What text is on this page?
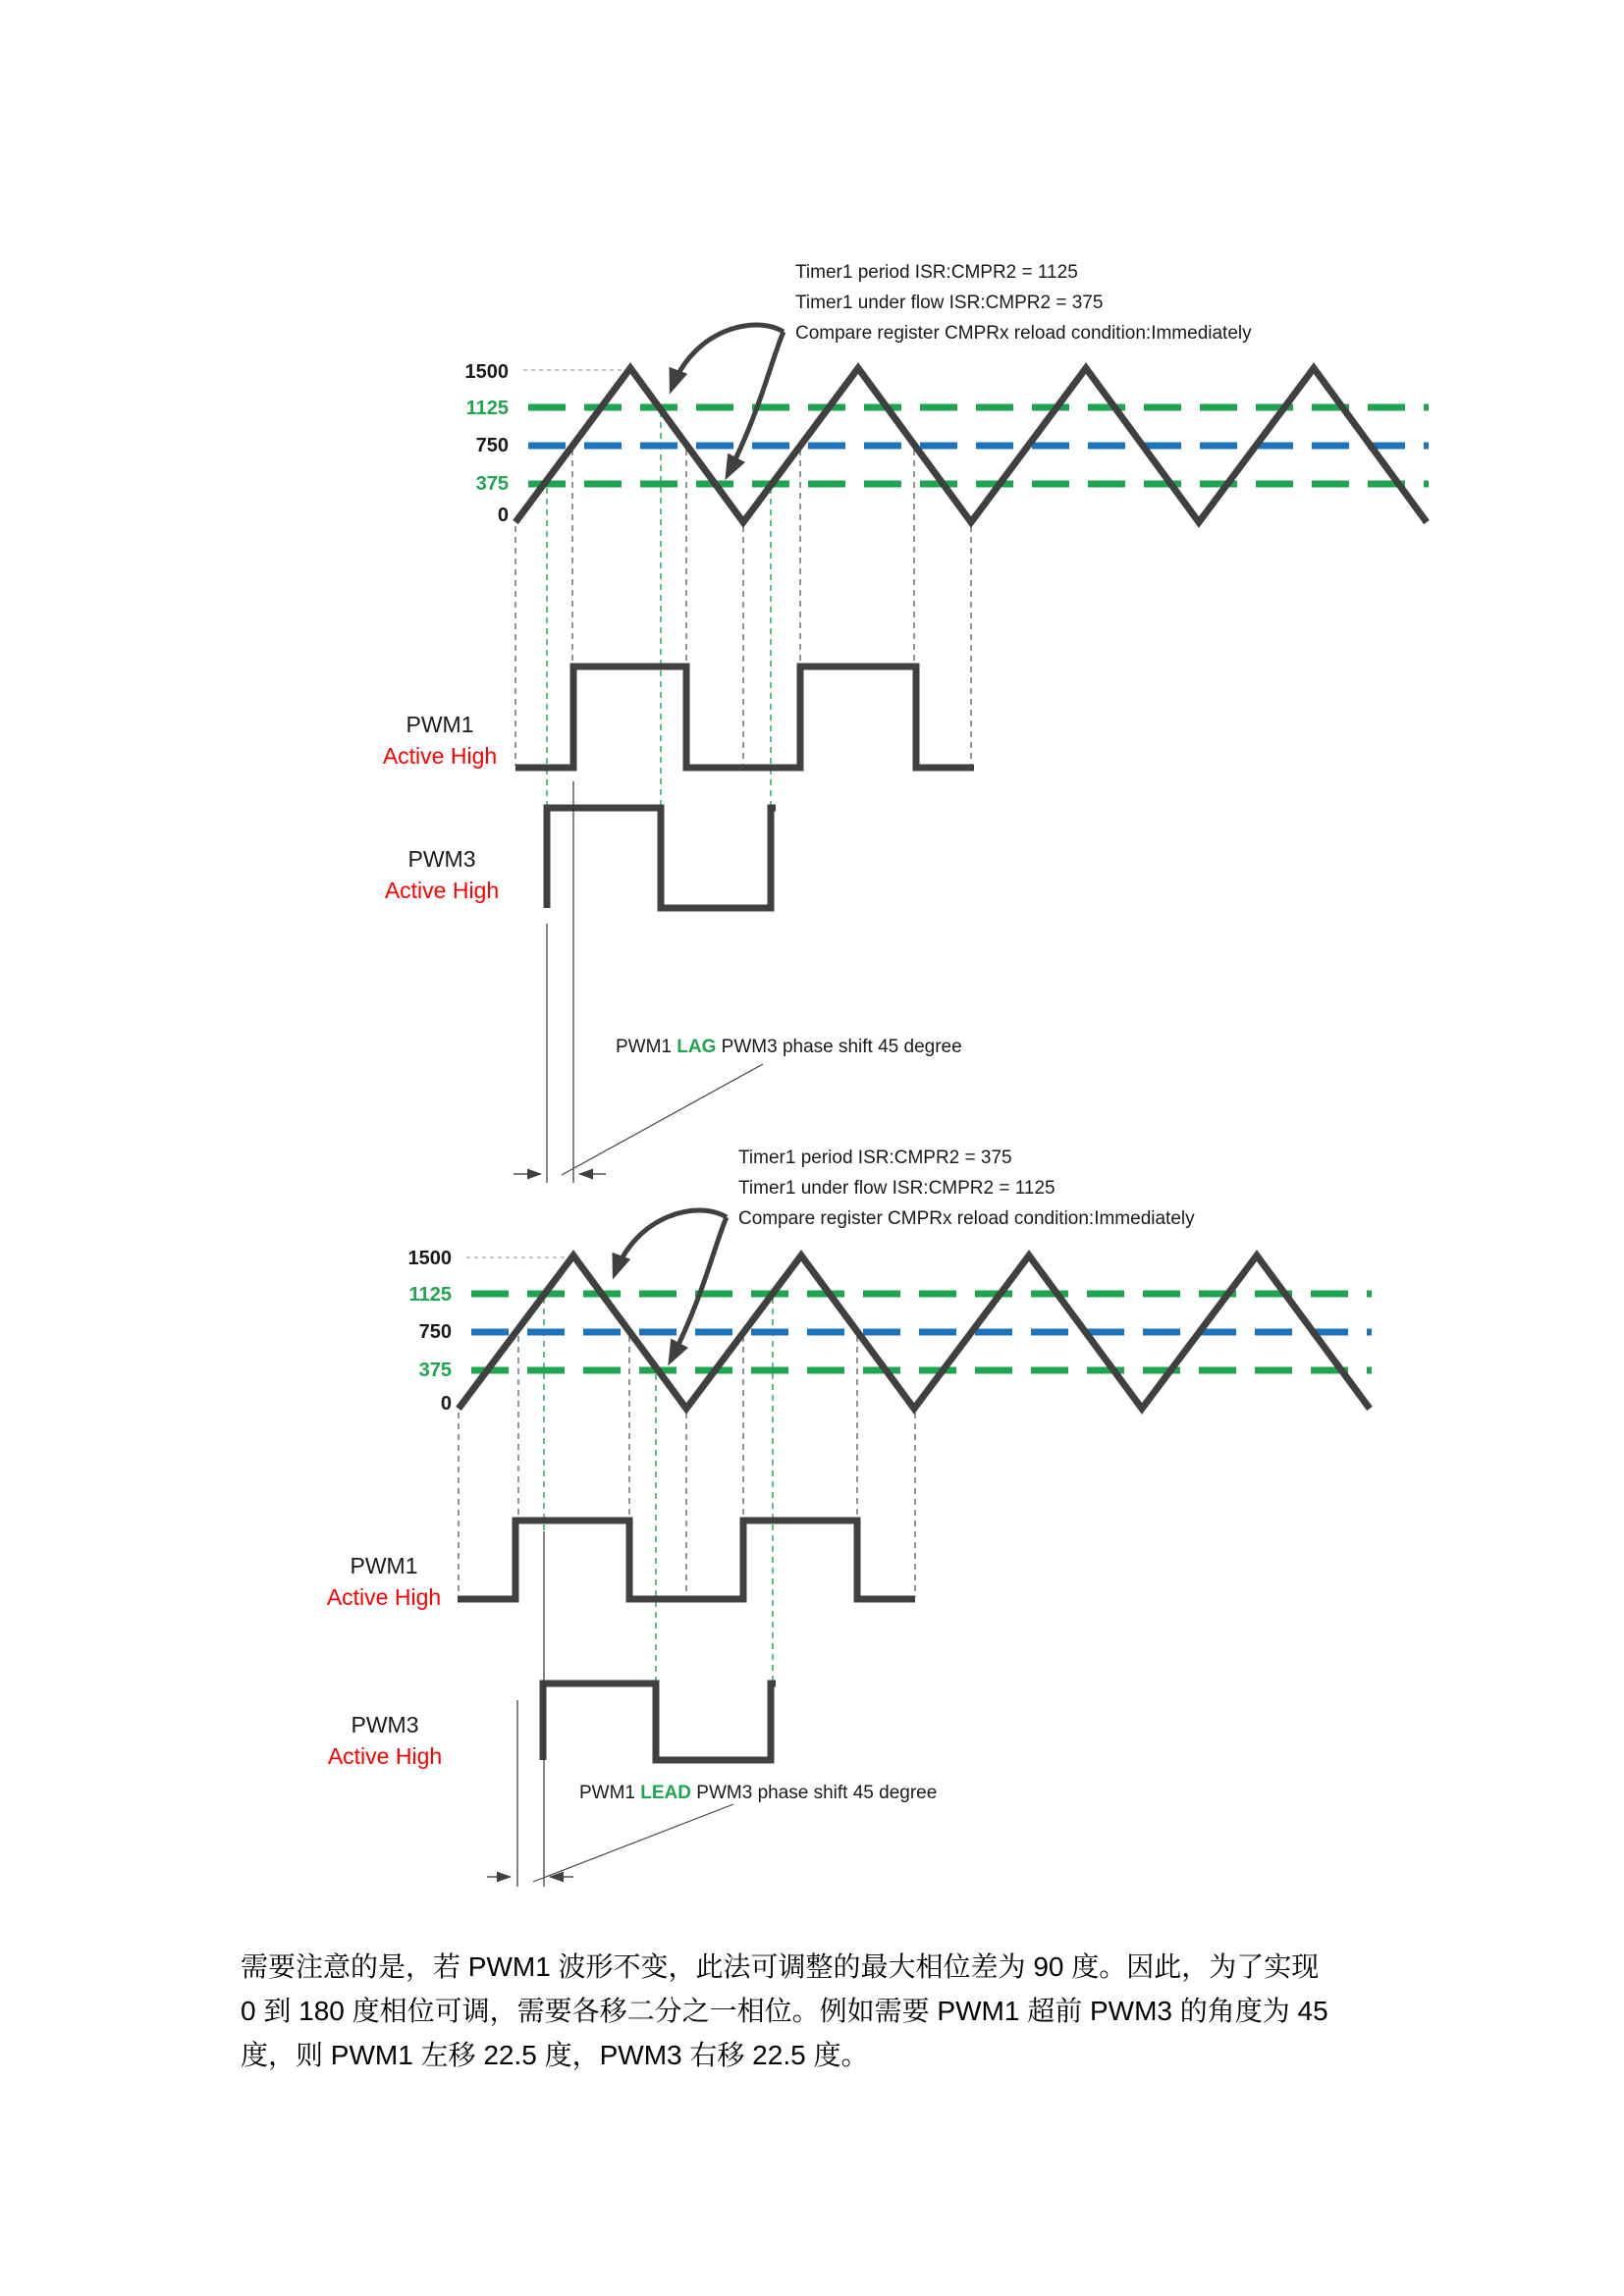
Timer1 period ISR:CMPR2 = 1125
Timer1 under flow ISR:CMPR2 = 375
Compare register CMPRx reload condition:Immediately
1500
1125
750
375
0
PWM1
Active High
PWM3
Active High
PWM1 LAG PWM3 phase shift 45 degree
Timer1 period ISR:CMPR2 = 375
Timer1 under flow ISR:CMPR2 = 1125
Compare register CMPRx reload condition:Immediately
1500
1125
750
375
0
PWM1
Active High
PWM3
Active High
PWM1 LEAD PWM3 phase shift 45 degree
需要注意的是，若 PWM1 波形不变，此法可调整的最大相位差为 90 度。因此，为了实现
0 到 180 度相位可调，需要各移二分之一相位。例如需要 PWM1 超前 PWM3 的角度为 45
度，则 PWM1 左移 22.5 度，PWM3 右移 22.5 度。
